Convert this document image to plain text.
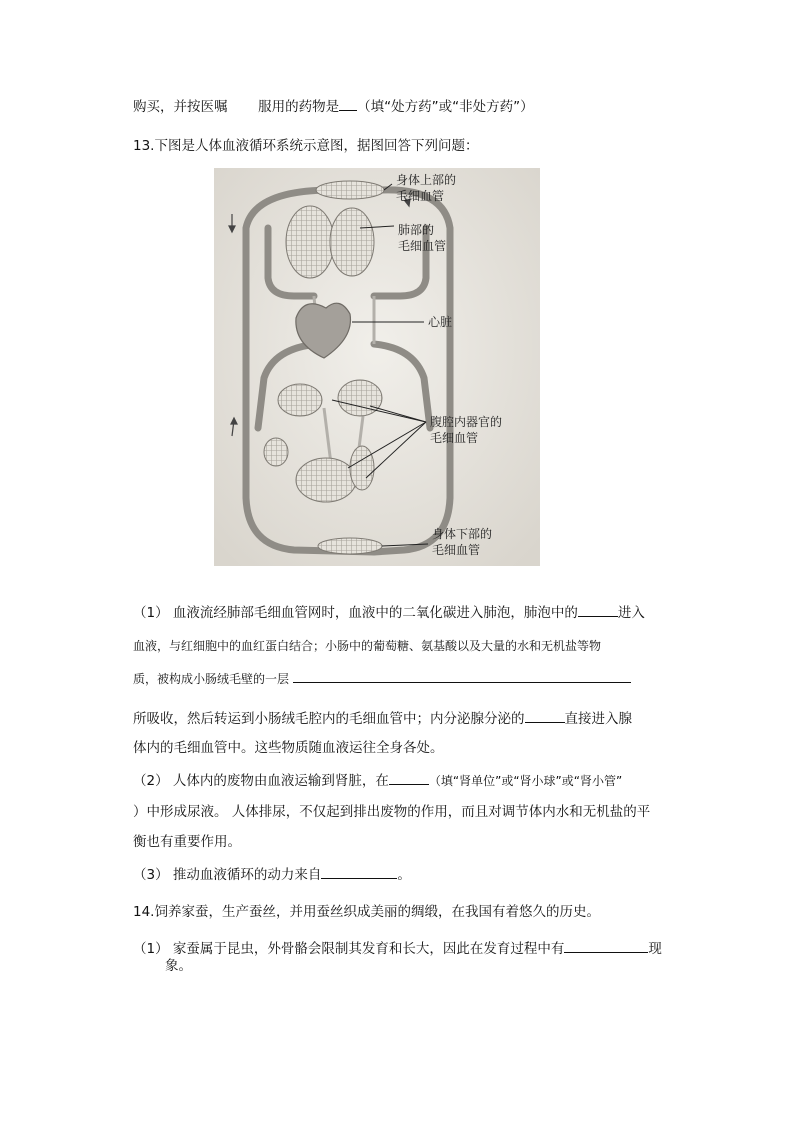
购买，并按医嘱 服用的药物是 （填“处方药”或“非处方药”）
13.下图是人体血液循环系统示意图，据图回答下列问题：
身体上部的
毛细血管
肺部的
毛细血管
心脏
腹腔内器官的
毛细血管
身体下部的
毛细血管
（1） 血液流经肺部毛细血管网时，血液中的二氧化碳进入肺泡，肺泡中的	进入
血液，与红细胞中的血红蛋白结合；小肠中的葡萄糖、氨基酸以及大量的水和无机盐等物
质，被构成小肠绒毛壁的一层
所吸收，然后转运到小肠绒毛腔内的毛细血管中；内分泌腺分泌的	直接进入腺
体内的毛细血管中。这些物质随血液运往全身各处。
（2） 人体内的废物由血液运输到肾脏，在	（填“肾单位”或“肾小球”或“肾小管”
）中形成尿液。 人体排尿，不仅起到排出废物的作用，而且对调节体内水和无机盐的平
衡也有重要作用。
（3） 推动血液循环的动力来自	。
14.饲养家蚕，生产蚕丝，并用蚕丝织成美丽的绸缎，在我国有着悠久的历史。
（1） 家蚕属于昆虫，外骨骼会限制其发育和长大，因此在发育过程中有	现
象。
